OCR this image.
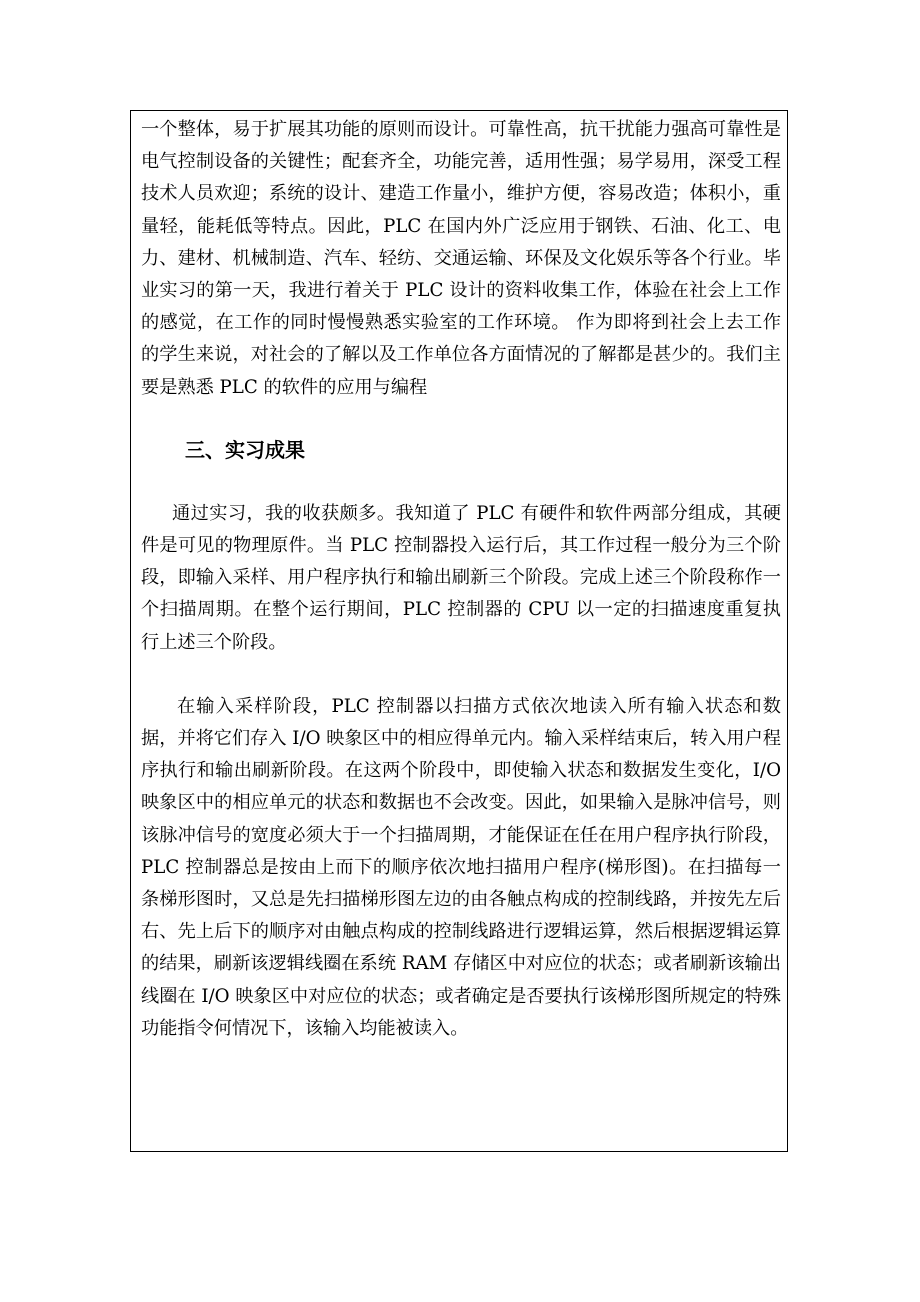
一个整体，易于扩展其功能的原则而设计。可靠性高，抗干扰能力强高可靠性是电气控制设备的关键性；配套齐全，功能完善，适用性强；易学易用，深受工程技术人员欢迎；系统的设计、建造工作量小，维护方便，容易改造；体积小，重量轻，能耗低等特点。因此，PLC 在国内外广泛应用于钢铁、石油、化工、电力、建材、机械制造、汽车、轻纺、交通运输、环保及文化娱乐等各个行业。毕业实习的第一天，我进行着关于 PLC 设计的资料收集工作，体验在社会上工作的感觉，在工作的同时慢慢熟悉实验室的工作环境。 作为即将到社会上去工作的学生来说，对社会的了解以及工作单位各方面情况的了解都是甚少的。我们主要是熟悉 PLC 的软件的应用与编程

三、实习成果

通过实习，我的收获颇多。我知道了 PLC 有硬件和软件两部分组成，其硬件是可见的物理原件。当 PLC 控制器投入运行后，其工作过程一般分为三个阶段，即输入采样、用户程序执行和输出刷新三个阶段。完成上述三个阶段称作一个扫描周期。在整个运行期间，PLC 控制器的 CPU 以一定的扫描速度重复执行上述三个阶段。

在输入采样阶段，PLC 控制器以扫描方式依次地读入所有输入状态和数据，并将它们存入 I/O 映象区中的相应得单元内。输入采样结束后，转入用户程序执行和输出刷新阶段。在这两个阶段中，即使输入状态和数据发生变化，I/O 映象区中的相应单元的状态和数据也不会改变。因此，如果输入是脉冲信号，则该脉冲信号的宽度必须大于一个扫描周期，才能保证在任在用户程序执行阶段，PLC 控制器总是按由上而下的顺序依次地扫描用户程序(梯形图)。在扫描每一条梯形图时，又总是先扫描梯形图左边的由各触点构成的控制线路，并按先左后右、先上后下的顺序对由触点构成的控制线路进行逻辑运算，然后根据逻辑运算的结果，刷新该逻辑线圈在系统 RAM 存储区中对应位的状态；或者刷新该输出线圈在 I/O 映象区中对应位的状态；或者确定是否要执行该梯形图所规定的特殊功能指令何情况下，该输入均能被读入。
